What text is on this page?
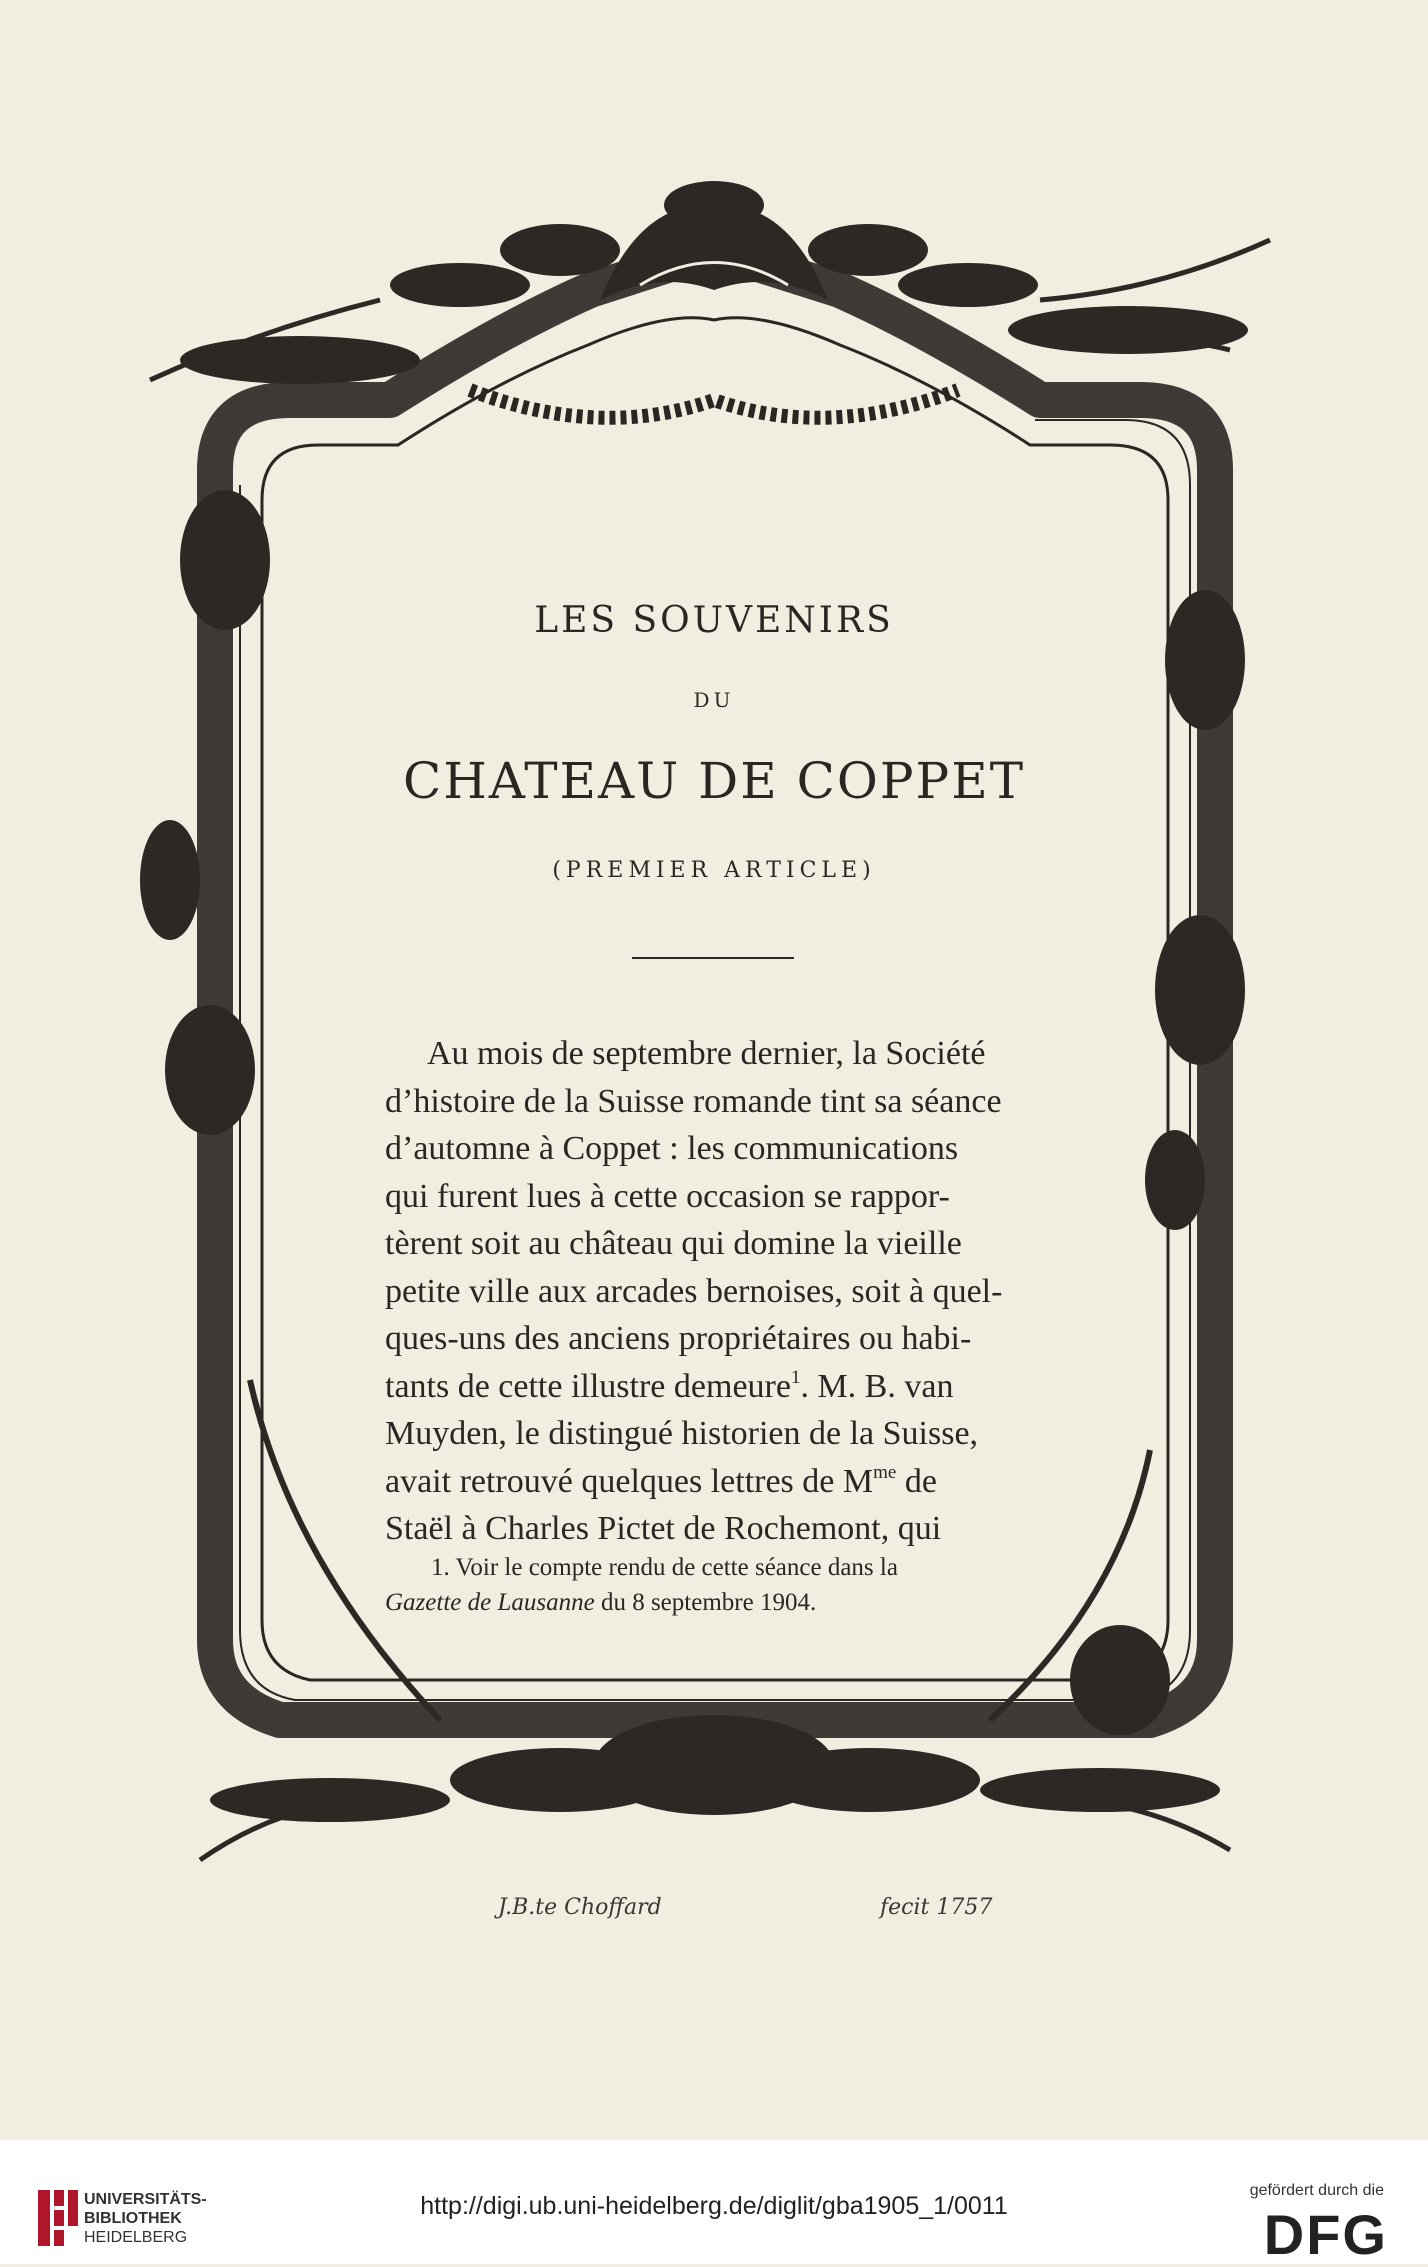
LES SOUVENIRS
DU
CHATEAU DE COPPET
(PREMIER ARTICLE)
Au mois de septembre dernier, la Société
d’histoire de la Suisse romande tint sa séance
d’automne à Coppet : les communications
qui furent lues à cette occasion se rappor-
tèrent soit au château qui domine la vieille
petite ville aux arcades bernoises, soit à quel-
ques-uns des anciens propriétaires ou habi-
tants de cette illustre demeure$^1$. M. B. van
Muyden, le distingué historien de la Suisse,
avait retrouvé quelques lettres de $M^{me}$ de
Staël à Charles Pictet de Rochemont, qui
1. Voir le compte rendu de cette séance dans la
Gazette de Lausanne du 8 septembre 1904.
J.B.te Choffard	fecit 1757
UNIVERSITÄTS-
BIBLIOTHEK
HEIDELBERG
http://digi.ub.uni-heidelberg.de/diglit/gba1905_1/0011
gefördert durch die
DFG
